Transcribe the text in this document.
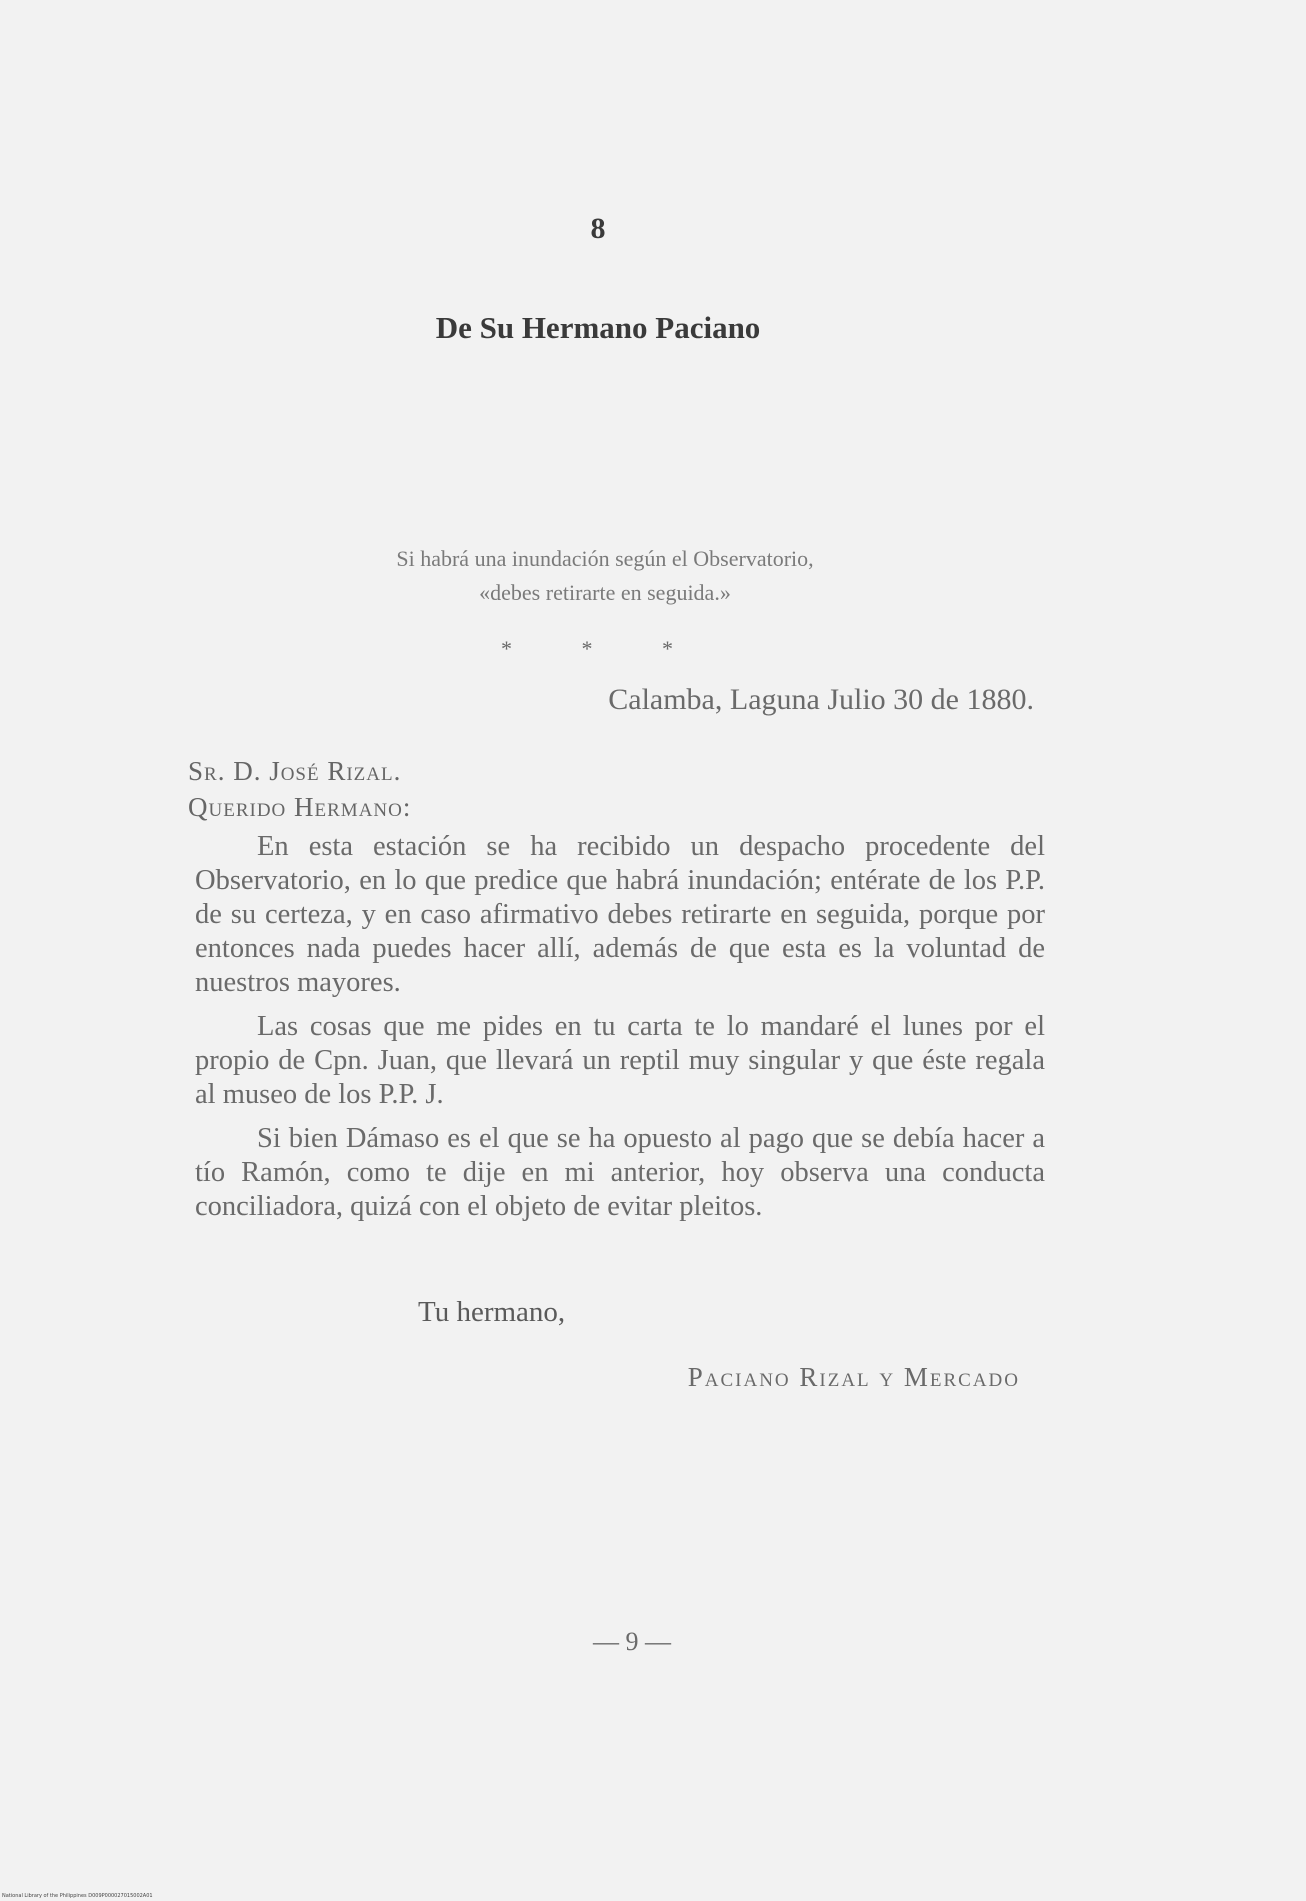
8
De Su Hermano Paciano
Si habrá una inundación según el Observatorio,
«debes retirarte en seguida.»
* * *
Calamba, Laguna Julio 30 de 1880.
Sr. D. José Rizal.
Querido Hermano:

En esta estación se ha recibido un despacho procedente del Observatorio, en lo que predice que habrá inundación; entérate de los P.P. de su certeza, y en caso afirmativo debes retirarte en seguida, porque por entonces nada puedes hacer allí, además de que esta es la voluntad de nuestros mayores.

Las cosas que me pides en tu carta te lo mandaré el lunes por el propio de Cpn. Juan, que llevará un reptil muy singular y que éste regala al museo de los P.P. J.

Si bien Dámaso es el que se ha opuesto al pago que se debía hacer a tío Ramón, como te dije en mi anterior, hoy observa una conducta conciliadora, quizá con el objeto de evitar pleitos.

Tu hermano,
Paciano Rizal y Mercado
— 9 —
National Library of the Philippines D009P000027015002A01
